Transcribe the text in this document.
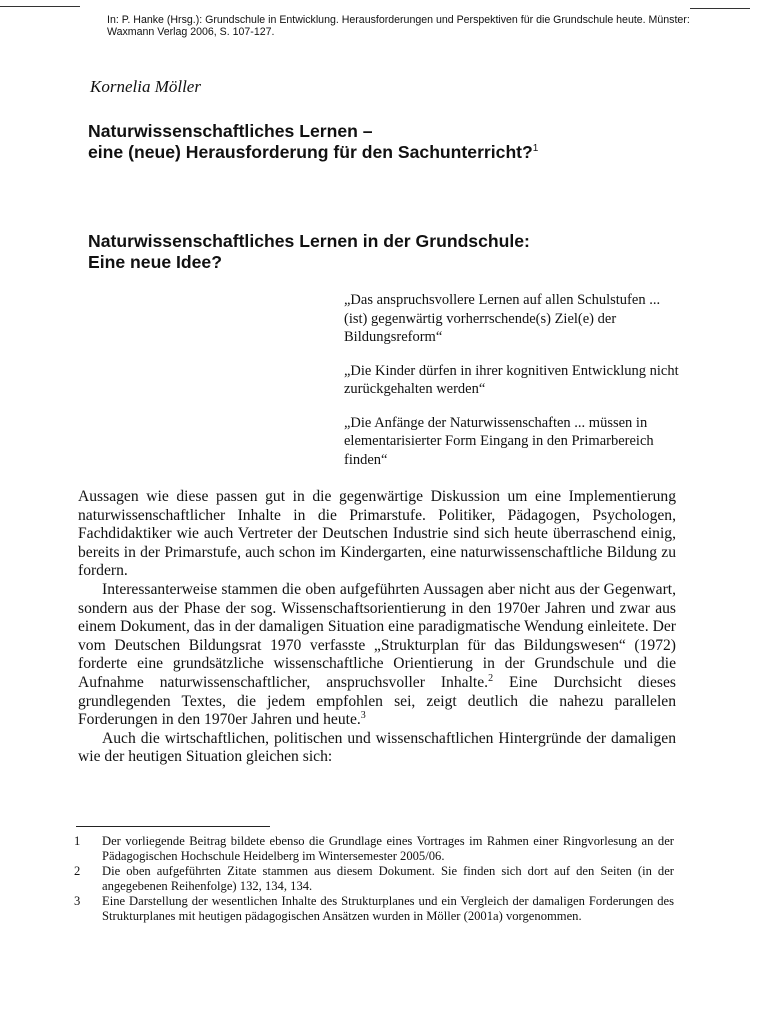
In: P. Hanke (Hrsg.): Grundschule in Entwicklung. Herausforderungen und Perspektiven für die Grundschule heute. Münster: Waxmann Verlag 2006, S. 107-127.
Kornelia Möller
Naturwissenschaftliches Lernen –
eine (neue) Herausforderung für den Sachunterricht?$^1$
Naturwissenschaftliches Lernen in der Grundschule:
Eine neue Idee?

„Das anspruchsvollere Lernen auf allen Schulstufen ... (ist) gegenwärtig vorherrschende(s) Ziel(e) der Bildungsreform“

„Die Kinder dürfen in ihrer kognitiven Entwicklung nicht zurückgehalten werden“

„Die Anfänge der Naturwissenschaften ... müssen in elementarisierter Form Eingang in den Primarbereich finden“

Aussagen wie diese passen gut in die gegenwärtige Diskussion um eine Implementierung naturwissenschaftlicher Inhalte in die Primarstufe. Politiker, Pädagogen, Psychologen, Fachdidaktiker wie auch Vertreter der Deutschen Industrie sind sich heute überraschend einig, bereits in der Primarstufe, auch schon im Kindergarten, eine naturwissenschaftliche Bildung zu fordern.

Interessanterweise stammen die oben aufgeführten Aussagen aber nicht aus der Gegenwart, sondern aus der Phase der sog. Wissenschaftsorientierung in den 1970er Jahren und zwar aus einem Dokument, das in der damaligen Situation eine paradigmatische Wendung einleitete. Der vom Deutschen Bildungsrat 1970 verfasste „Strukturplan für das Bildungswesen“ (1972) forderte eine grundsätzliche wissenschaftliche Orientierung in der Grundschule und die Aufnahme naturwissenschaftlicher, anspruchsvoller Inhalte.$^2$ Eine Durchsicht dieses grundlegenden Textes, die jedem empfohlen sei, zeigt deutlich die nahezu parallelen Forderungen in den 1970er Jahren und heute.$^3$

Auch die wirtschaftlichen, politischen und wissenschaftlichen Hintergründe der damaligen wie der heutigen Situation gleichen sich:

1	Der vorliegende Beitrag bildete ebenso die Grundlage eines Vortrages im Rahmen einer Ringvorlesung an der Pädagogischen Hochschule Heidelberg im Wintersemester 2005/06.
2	Die oben aufgeführten Zitate stammen aus diesem Dokument. Sie finden sich dort auf den Seiten (in der angegebenen Reihenfolge) 132, 134, 134.
3	Eine Darstellung der wesentlichen Inhalte des Strukturplanes und ein Vergleich der damaligen Forderungen des Strukturplanes mit heutigen pädagogischen Ansätzen wurden in Möller (2001a) vorgenommen.
